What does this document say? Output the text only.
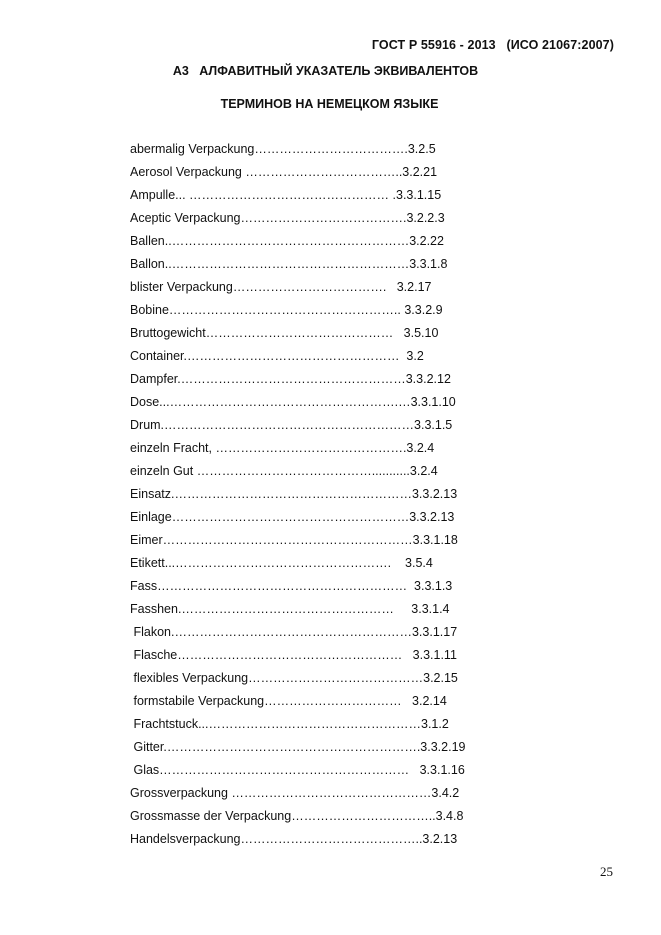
ГОСТ Р 55916 - 2013   (ИСО 21067:2007)
А3   АЛФАВИТНЫЙ УКАЗАТЕЛЬ ЭКВИВАЛЕНТОВ
ТЕРМИНОВ НА НЕМЕЦКОМ ЯЗЫКЕ
abermalig Verpackung……………………………….3.2.5
Aerosol Verpackung ………………………………..3.2.21
Ampulle... ………………………………………… .3.3.1.15
Aceptic Verpackung………………………………….3.2.2.3
Ballen..…………………………………………………3.2.22
Ballon..…………………………………………………3.3.1.8
blister Verpackung……………………………….   3.2.17
Bobine……………………………………………….. 3.3.2.9
Bruttogewicht………………………………………   3.5.10
Container.……………………………………………  3.2
Dampfer.………………………………………………3.3.2.12
Dose...……………………………………………….…3.3.1.10
Drum.……………………………………………………3.3.1.5
einzeln Fracht, ……………………………………….3.2.4
einzeln Gut ……………………………………...........3.2.4
Einsatz.…………………………………………………3.3.2.13
Einlage…………………………………………………3.3.2.13
Eimer……………………………………………………3.3.1.18
Etikett...…………………………………………….    3.5.4
Fass……………………………………………………  3.3.1.3
Fasshen.……………………………………………     3.3.1.4
Flakon.…………………………………………………3.3.1.17
Flasche………………………………………………   3.3.1.11
flexibles Verpackung……………………………………3.2.15
formstabile Verpackung……………………………   3.2.14
Frachtstuck...……………………………………………3.1.2
Gitter.…………………………………………………….3.3.2.19
Glas……………………………………………………   3.3.1.16
Grossverpackung …………………………………………3.4.2
Grossmasse der Verpackung……………………………..3.4.8
Handelsverpackung……………………………………..3.2.13
25
